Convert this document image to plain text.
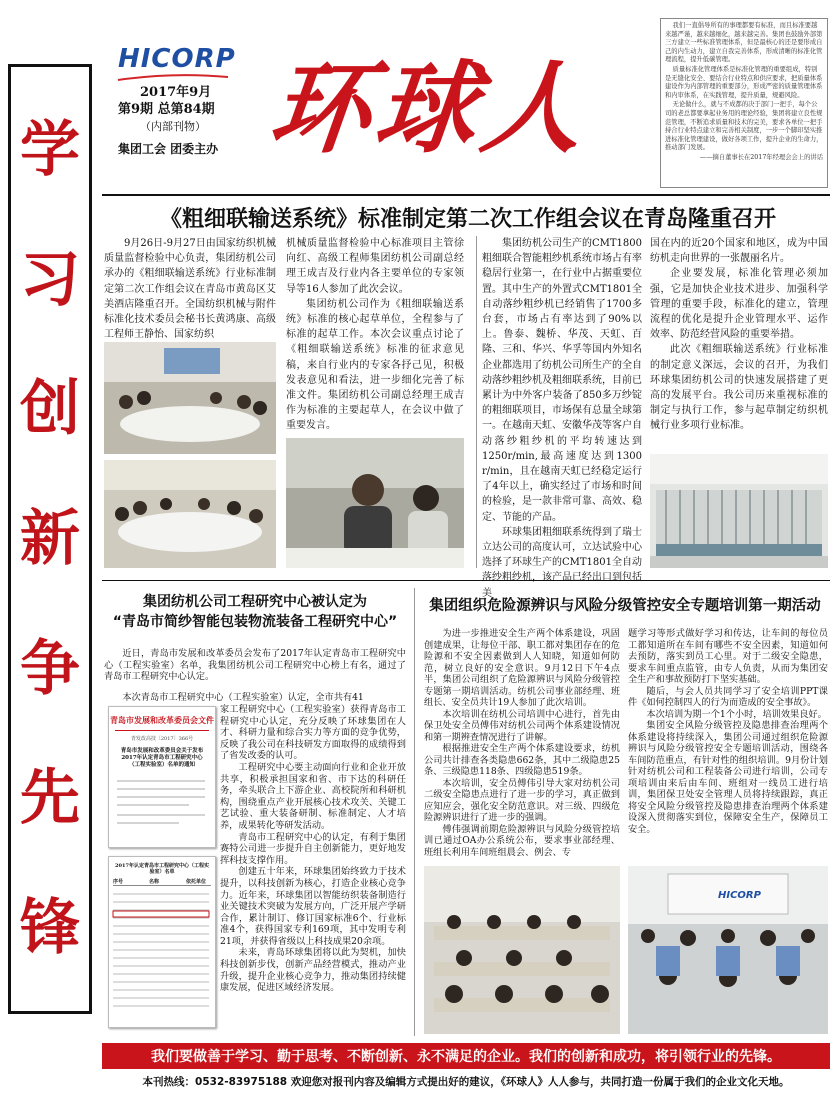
学
习
创
新
争
先
锋
HICORP
2017年9月
第9期 总第84期
（内部刊物）
集团工会 团委主办 环球人

我们一直倡导所有的事理都要有标准，而且标准要越来越严谨，越来越细化，越来越完善。集团也鼓励外部第三方建立一些标准管理体系，但是最核心的还是要形成自己的内生动力，建立自我完善体系，形成清晰的标准化管理流程，提升低碳管理。

质量标准化管理体系是标准化管理的重要组成，特别是无缝化安全、要结合行业特点和供应要求，把质量体系建设作为内部管理的重要部分，形成严密的质量管理体系和内审体系，在实践管理，提升质量，规避风险。

无论做什么，就与不成都的决于部门一把手，每个公司的老总都要拿起业务用的理论经验，集团将建立良性规范管理，不断追求质量和技术的完美，要求各单位一把手持合行业特点建立和完善相关制度，一步一个脚印坚实推进标准化管理建设，做好各项工作，提升企业的生命力，推动部门发展。

——摘自董事长在2017年经理会会上的讲话

《粗细联输送系统》标准制定第二次工作组会议在青岛隆重召开

9月26日-9月27日由国家纺织机械质量监督检验中心负责，集团纺机公司承办的《粗细联输送系统》行业标准制定第二次工作组会议在青岛市黄岛区艾美酒店隆重召开。全国纺织机械与附件标准化技术委员会秘书长黄鸿康、高级工程师王静怡、国家纺织

机械质量监督检验中心标准项目主管徐向红、高级工程师集团纺机公司副总经理王成吉及行业内各主要单位的专家领导等16人参加了此次会议。

集团纺机公司作为《粗细联输送系统》标准的核心起草单位，全程参与了标准的起草工作。本次会议重点讨论了《粗细联输送系统》标准的征求意见稿，来自行业内的专家各抒己见，积极发表意见和看法，进一步细化完善了标准文件。集团纺机公司副总经理王成吉作为标准的主要起草人，在会议中做了重要发言。

集团纺机公司生产的CMT1800粗细联合智能粗纱机系统市场占有率稳居行业第一，在行业中占据重要位置。其中生产的外置式CMT1801全自动落纱粗纱机已经销售了1700多台套，市场占有率达到了90%以上。鲁泰、魏桥、华茂、天虹、百隆、三和、华兴、华孚等国内外知名企业都选用了纺机公司所生产的全自动落纱粗纱机及粗细联系统，目前已累计为中外客户装备了850多万纱锭的粗细联项目，市场保有总量全球第一。在越南天虹、安徽华茂等客户自动落纱粗纱机的平均转速达到1250r/min,最高速度达到1300 r/min，且在越南天虹已经稳定运行了4年以上，确实经过了市场和时间的检验，是一款非常可靠、高效、稳定、节能的产品。

环球集团粗细联系统得到了瑞士立达公司的高度认可，立达试验中心选择了环球生产的CMT1801全自动落纱粗纱机，该产品已经出口到包括美

国在内的近20个国家和地区，成为中国纺机走向世界的一张靓丽名片。

企业要发展，标准化管理必须加强，它是加快企业技术进步、加强科学管理的重要手段，标准化的建立，管理流程的优化是提升企业管理水平、运作效率、防范经营风险的重要举措。

此次《粗细联输送系统》行业标准的制定意义深远，会议的召开，为我们环球集团纺机公司的快速发展搭建了更高的发展平台。我公司历来重视标准的制定与执行工作，参与起草制定纺织机械行业多项行业标准。

集团纺机公司工程研究中心被认定为
“青岛市简纱智能包装物流装备工程研究中心”

近日，青岛市发展和改革委员会发布了2017年认定青岛市工程研究中心（工程实验室）名单，我集团纺机公司工程研究中心榜上有名，通过了青岛市工程研究中心认定。

本次青岛市工程研究中心（工程实验室）认定，全市共有41

青岛市发展和改革委员会文件
青发改高技〔2017〕366号
青岛市发展和改革委员会关于发布2017年认定青岛市工程研究中心（工程实验室）名单的通知
2017年认定青岛市工程研究中心（工程实验室）名单
序号	名称	依托单位

家工程研究中心（工程实验室）获得青岛市工程研究中心认定，充分反映了环球集团在人才、科研力量和综合实力等方面的竞争优势，反映了我公司在科技研发方面取得的成绩得到了省发改委的认可。

工程研究中心要主动面向行业和企业开放共享，积极承担国家和省、市下达的科研任务，牵头联合上下游企业、高校院所和科研机构，围绕重点产业开展核心技术攻关、关键工艺试验、重大装备研制、标准制定、人才培养，成果转化等研发活动。

青岛市工程研究中心的认定，有利于集团赛特公司进一步提升自主创新能力，更好地发挥科技支撑作用。

创建五十年来，环球集团始终致力于技术提升，以科技创新为核心，打造企业核心竞争力。近年来，环球集团以智能纺织装备制造行业关键技术突破为发展方向，广泛开展产学研合作，累计制订、修订国家标准6个、行业标准4个，获得国家专利169项，其中发明专利21项，并获得省级以上科技成果20余项。

未来，青岛环球集团将以此为契机，加快科技创新步伐，创新产品经营模式，推动产业升级，提升企业核心竞争力，推动集团持续健康发展，促进区域经济发展。

集团组织危险源辨识与风险分级管控安全专题培训第一期活动

为进一步推进安全生产两个体系建设，巩固创建成果，让每位干部、职工都对集团存在的危险源和不安全因素做到人人知晓，知道如何防范，树立良好的安全意识。9月12日下午4点半，集团公司组织了危险源辨识与风险分级管控专题第一期培训活动。纺机公司事业部经理、班组长、安全员共计19人参加了此次培训。

本次培训在纺机公司培训中心进行，首先由保卫处安全员傅伟对纺机公司两个体系建设情况和第一期辨查情况进行了讲解。

根据推进安全生产两个体系建设要求，纺机公司共计排查各类隐患662条，其中二级隐患25条、三级隐患118条、四级隐患519条。

本次培训，安全员傅伟引导大家对纺机公司二级安全隐患点进行了进一步的学习，真正做到应知应会，强化安全防范意识。对三级、四级危险源辨识进行了进一步的强调。

傅伟强调前期危险源辨识与风险分级管控培训已通过OA办公系统公布，要求事业部经理、班组长利用车间班组晨会、例会、专

题学习等形式做好学习和传达，让车间的每位员工都知道所在车间有哪些不安全因素，知道如何去预防，落实到员工心里。对于二级安全隐患，要求车间重点监管，由专人负责，从而为集团安全生产和事故预防打下坚实基础。

随后，与会人员共同学习了安全培训PPT课件《如何控制四人的行为而造成的安全事故》。

本次培训为期一个1个小时，培训效果良好。

集团安全风险分级管控及隐患排查治理两个体系建设将持续深入，集团公司通过组织危险源辨识与风险分级管控安全专题培训活动，围绕各车间防范重点，有针对性的组织培训。9月份计划针对纺机公司和工程装备公司进行培训，公司专项培训由来后由车间、班组对一线员工进行培训，集团保卫处安全管理人员将持续跟踪，真正将安全风险分级管控及隐患排查治理两个体系建设深入贯彻落实到位，保障安全生产，保障员工安全。

HICORP
我们要做善于学习、勤于思考、不断创新、永不满足的企业。我们的创新和成功，将引领行业的先锋。
本刊热线：0532-83975188 欢迎您对报刊内容及编辑方式提出好的建议，《环球人》人人参与，共同打造一份属于我们的企业文化天地。
